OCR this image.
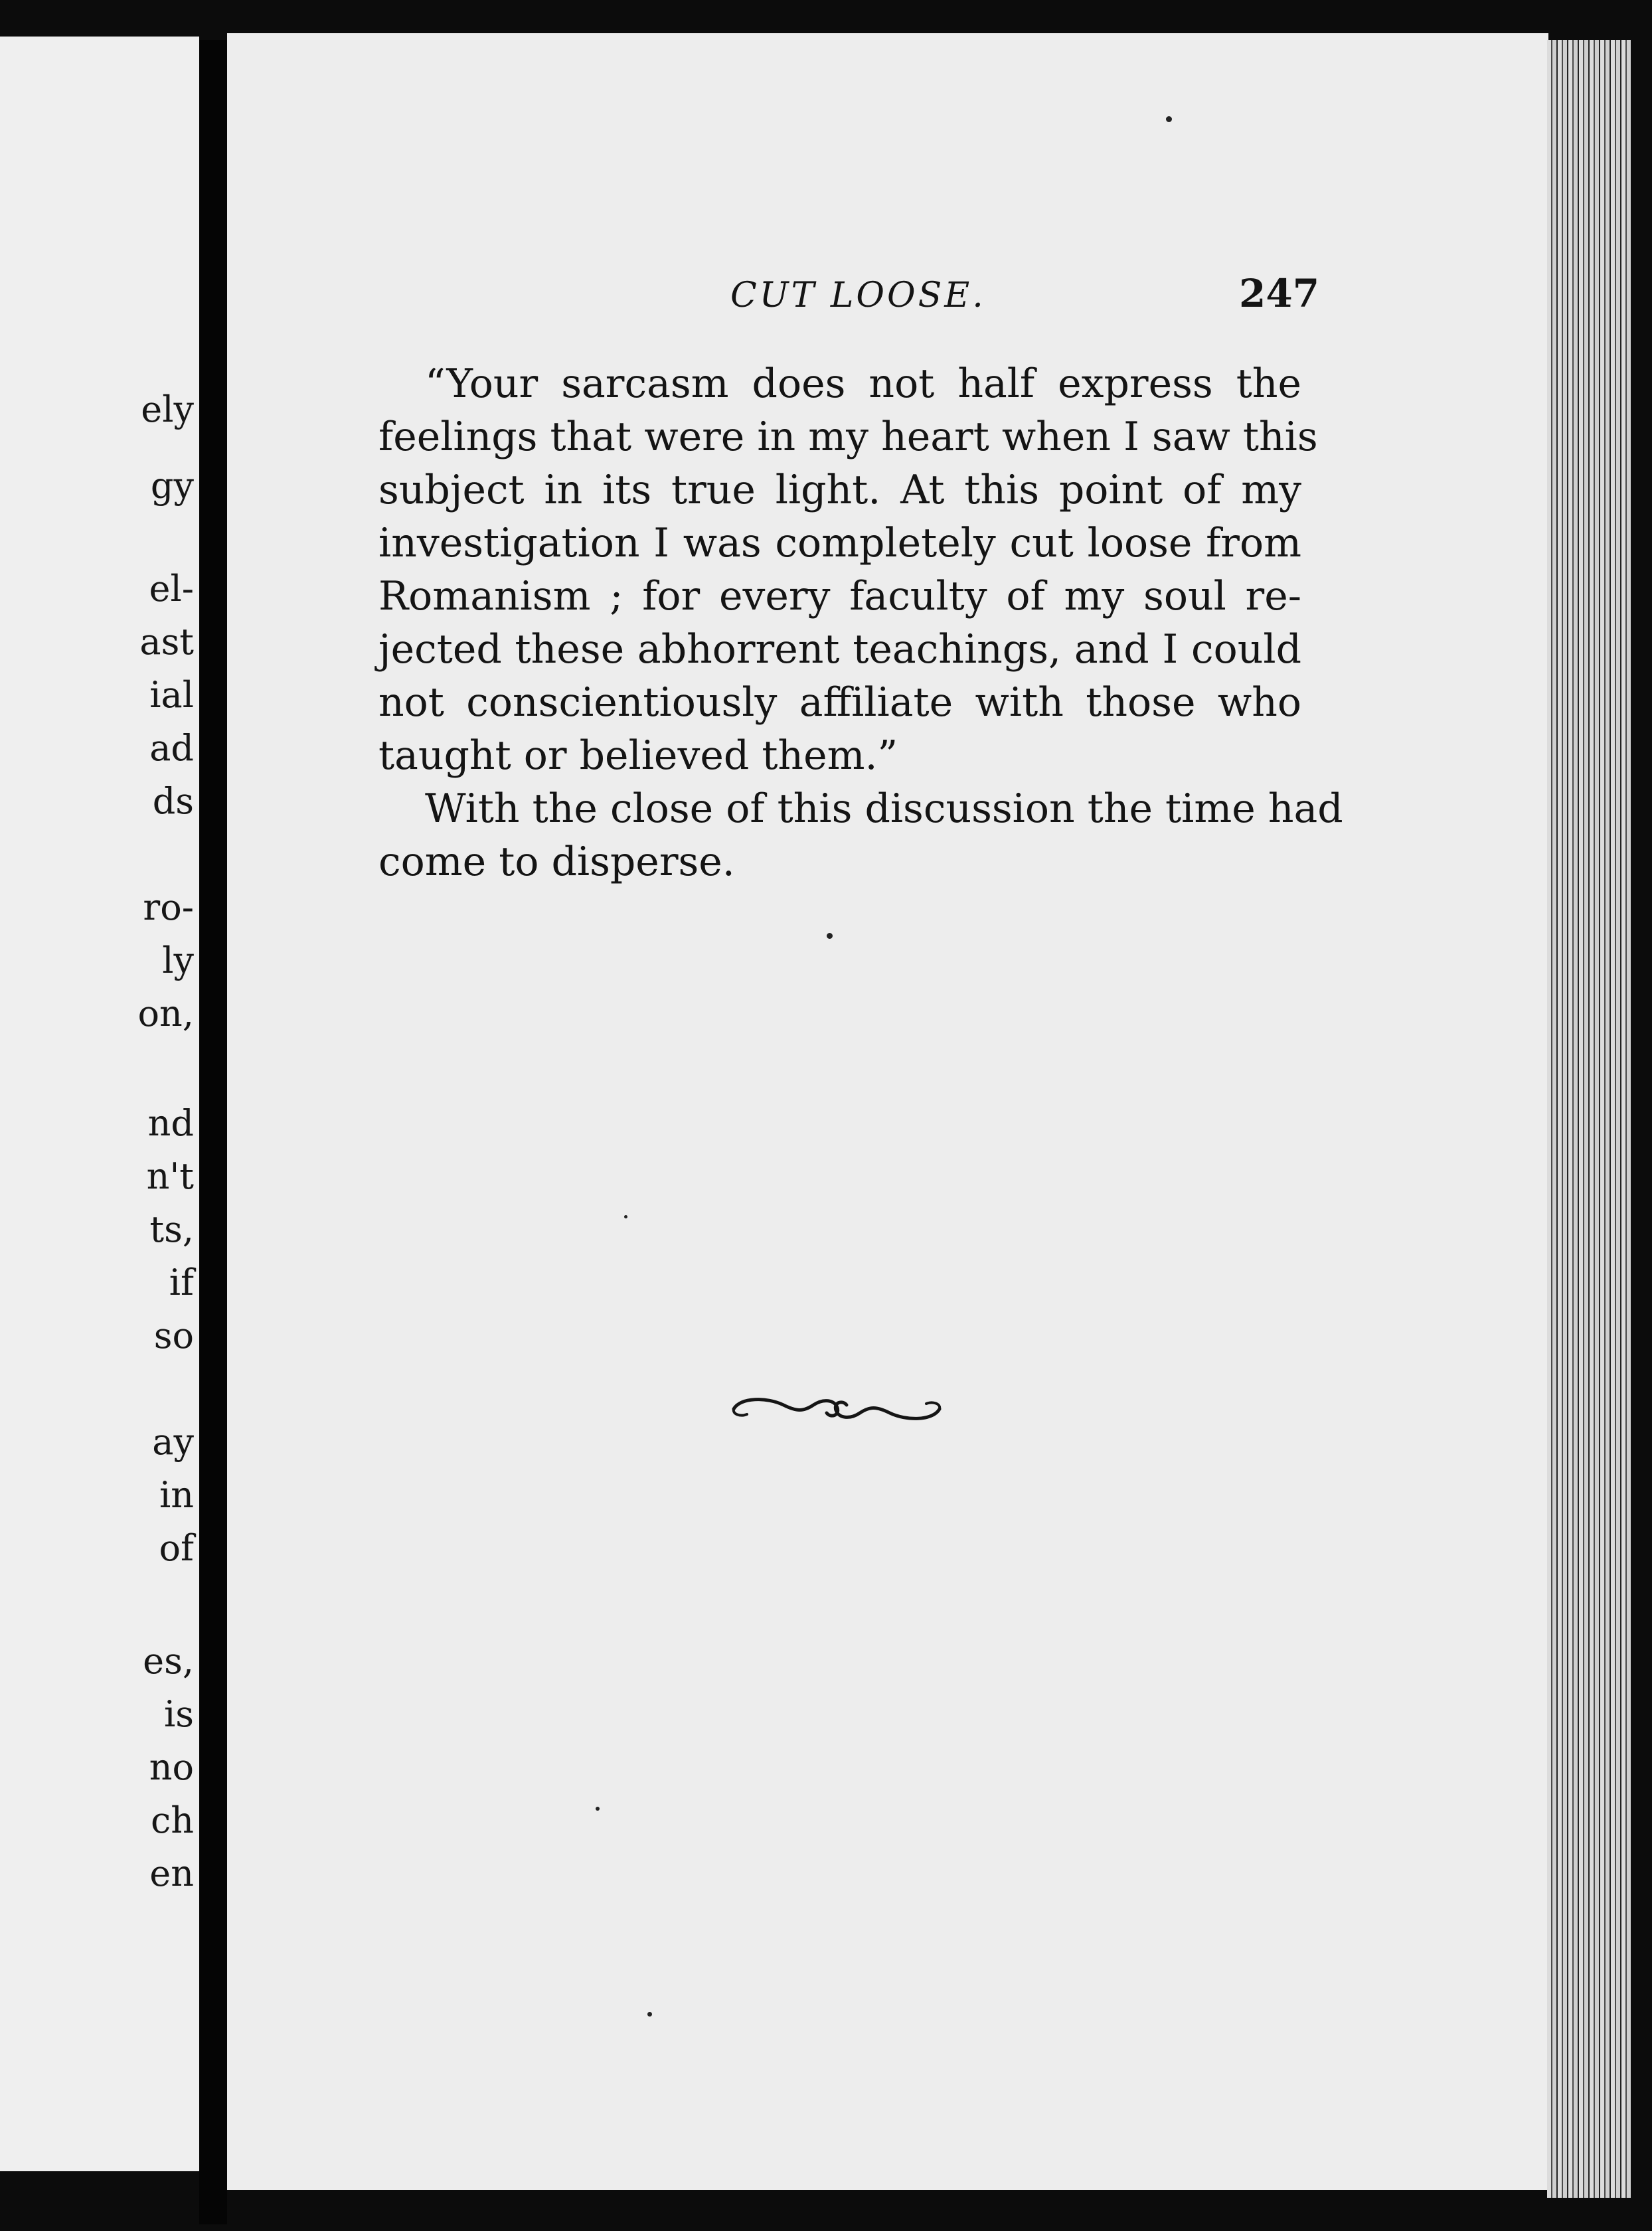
ely
gy
el-
ast
ial
ad
ds
ro-
ly
on,
nd
n't
ts,
if
so
ay
in
of
es,
is
no
ch
en
CUT LOOSE.	247
“Your sarcasm does not half express the
feelings that were in my heart when I saw this
subject in its true light. At this point of my
investigation I was completely cut loose from
Romanism ; for every faculty of my soul re-
jected these abhorrent teachings, and I could
not conscientiously affiliate with those who
taught or believed them.”
With the close of this discussion the time had
come to disperse.
